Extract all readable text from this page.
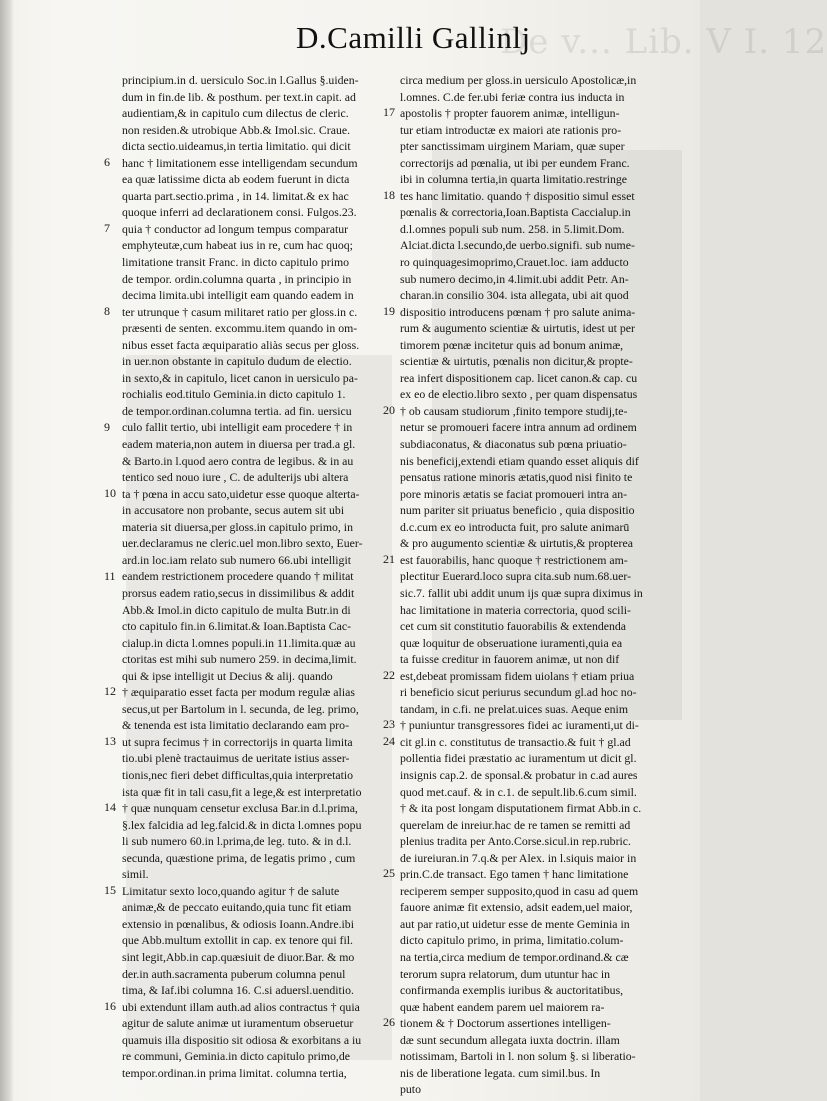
De v... Lib. V I. 12
D.Camilli Gallinlj
principium.in d. uersiculo Soc.in l.Gallus §.uiden-
dum in fin.de lib. & posthum. per text.in capit. ad
audientiam,& in capitulo cum dilectus de cleric.
non residen.& utrobique Abb.& Imol.sic. Craue.
dicta sectio.uideamus,in tertia limitatio. qui dicit
hanc † limitationem esse intelligendam secundum
ea quæ latissime dicta ab eodem fuerunt in dicta
quarta part.sectio.prima , in 14. limitat.& ex hac
quoque inferri ad declarationem consi. Fulgos.23.
quia † conductor ad longum tempus comparatur
emphyteutæ,cum habeat ius in re, cum hac quoq;
limitatione transit Franc. in dicto capitulo primo
de tempor. ordin.columna quarta , in principio in
decima limita.ubi intelligit eam quando eadem in
ter utrunque † casum militaret ratio per gloss.in c.
præsenti de senten. excommu.item quando in om-
nibus esset facta æquiparatio aliàs secus per gloss.
in uer.non obstante in capitulo dudum de electio.
in sexto,& in capitulo, licet canon in uersiculo pa-
rochialis eod.titulo Geminia.in dicto capitulo 1.
de tempor.ordinan.columna tertia. ad fin. uersicu
culo fallit tertio, ubi intelligit eam procedere † in
eadem materia,non autem in diuersa per trad.a gl.
& Barto.in l.quod aero contra de legibus. & in au
tentico sed nouo iure , C. de adulterijs ubi altera
ta † pœna in accu sato,uidetur esse quoque alterta-
in accusatore non probante, secus autem sit ubi
materia sit diuersa,per gloss.in capitulo primo, in
uer.declaramus ne cleric.uel mon.libro sexto, Euer-
ard.in loc.iam relato sub numero 66.ubi intelligit
eandem restrictionem procedere quando † militat
prorsus eadem ratio,secus in dissimilibus & addit
Abb.& Imol.in dicto capitulo de multa Butr.in di
cto capitulo fin.in 6.limitat.& Ioan.Baptista Cac-
cialup.in dicta l.omnes populi.in 11.limita.quæ au
ctoritas est mihi sub numero 259. in decima,limit.
qui & ipse intelligit ut Decius & alij. quando
† æquiparatio esset facta per modum regulæ alias
secus,ut per Bartolum in l. secunda, de leg. primo,
& tenenda est ista limitatio declarando eam pro-
ut supra fecimus † in correctorijs in quarta limita
tio.ubi plenè tractauimus de ueritate istius asser-
tionis,nec fieri debet difficultas,quia interpretatio
ista quæ fit in tali casu,fit a lege,& est interpretatio
† quæ nunquam censetur exclusa Bar.in d.l.prima,
§.lex falcidia ad leg.falcid.& in dicta l.omnes popu
li sub numero 60.in l.prima,de leg. tuto. & in d.l.
secunda, quæstione prima, de legatis primo , cum
simil.
Limitatur sexto loco,quando agitur † de salute
animæ,& de peccato euitando,quia tunc fit etiam
extensio in pœnalibus, & odiosis Ioann.Andre.ibi
que Abb.multum extollit in cap. ex tenore qui fil.
sint legit,Abb.in cap.quæsiuit de diuor.Bar. & mo
der.in auth.sacramenta puberum columna penul
tima, & Iaf.ibi columna 16. C.si aduersl.uenditio.
ubi extendunt illam auth.ad alios contractus † quia
agitur de salute animæ ut iuramentum obseruetur
quamuis illa dispositio sit odiosa & exorbitans a iu
re communi, Geminia.in dicto capitulo primo,de
tempor.ordinan.in prima limitat. columna tertia,
circa medium per gloss.in uersiculo Apostolicæ,in
l.omnes. C.de fer.ubi feriæ contra ius inducta in
apostolis † propter fauorem animæ, intelligun-
tur etiam introductæ ex maiori ate rationis pro-
pter sanctissimam uirginem Mariam, quæ super
correctorijs ad pœnalia, ut ibi per eundem Franc.
ibi in columna tertia,in quarta limitatio.restringe
tes hanc limitatio. quando † dispositio simul esset
pœnalis & correctoria,Ioan.Baptista Caccialup.in
d.l.omnes populi sub num. 258. in 5.limit.Dom.
Alciat.dicta l.secundo,de uerbo.signifi. sub nume-
ro quinquagesimoprimo,Crauet.loc. iam adducto
sub numero decimo,in 4.limit.ubi addit Petr. An-
charan.in consilio 304. ista allegata, ubi ait quod
dispositio introducens pœnam † pro salute anima-
rum & augumento scientiæ & uirtutis, idest ut per
timorem pœnæ incitetur quis ad bonum animæ,
scientiæ & uirtutis, pœnalis non dicitur,& propte-
rea infert dispositionem cap. licet canon.& cap. cu
ex eo de electio.libro sexto , per quam dispensatus
† ob causam studiorum ,finito tempore studij,te-
netur se promoueri facere intra annum ad ordinem
subdiaconatus, & diaconatus sub pœna priuatio-
nis beneficij,extendi etiam quando esset aliquis dif
pensatus ratione minoris ætatis,quod nisi finito te
pore minoris ætatis se faciat promoueri intra an-
num pariter sit priuatus beneficio , quia dispositio
d.c.cum ex eo introducta fuit, pro salute animarū
& pro augumento scientiæ & uirtutis,& propterea
est fauorabilis, hanc quoque † restrictionem am-
plectitur Euerard.loco supra cita.sub num.68.uer-
sic.7. fallit ubi addit unum ijs quæ supra diximus in
hac limitatione in materia correctoria, quod scili-
cet cum sit constitutio fauorabilis & extendenda
quæ loquitur de obseruatione iuramenti,quia ea
ta fuisse creditur in fauorem animæ, ut non dif
est,debeat promissam fidem uiolans † etiam priua
ri beneficio sicut periurus secundum gl.ad hoc no-
tandam, in c.fi. ne prelat.uices suas. Aeque enim
† puniuntur transgressores fidei ac iuramenti,ut di-
cit gl.in c. constitutus de transactio.& fuit † gl.ad
pollentia fidei præstatio ac iuramentum ut dicit gl.
insignis cap.2. de sponsal.& probatur in c.ad aures
quod met.cauf. & in c.1. de sepult.lib.6.cum simil.
† & ita post longam disputationem firmat Abb.in c.
querelam de inreiur.hac de re tamen se remitti ad
plenius tradita per Anto.Corse.sicul.in rep.rubric.
de iureiuran.in 7.q.& per Alex. in l.siquis maior in
prin.C.de transact. Ego tamen † hanc limitatione
reciperem semper supposito,quod in casu ad quem
fauore animæ fit extensio, adsit eadem,uel maior,
aut par ratio,ut uidetur esse de mente Geminia in
dicto capitulo primo, in prima, limitatio.colum-
na tertia,circa medium de tempor.ordinand.& cæ
terorum supra relatorum, dum utuntur hac in
confirmanda exemplis iuribus & auctoritatibus,
quæ habent eandem parem uel maiorem ra-
tionem & † Doctorum assertiones intelligen-
dæ sunt secundum allegata iuxta doctrin. illam
notissimam, Bartoli in l. non solum §. si liberatio-
nis de liberatione legata. cum simil.bus. In
puto
6
7
8
9
10
11
12
13
14
15
16
17
18
19
20
21
22
23
24
25
26
